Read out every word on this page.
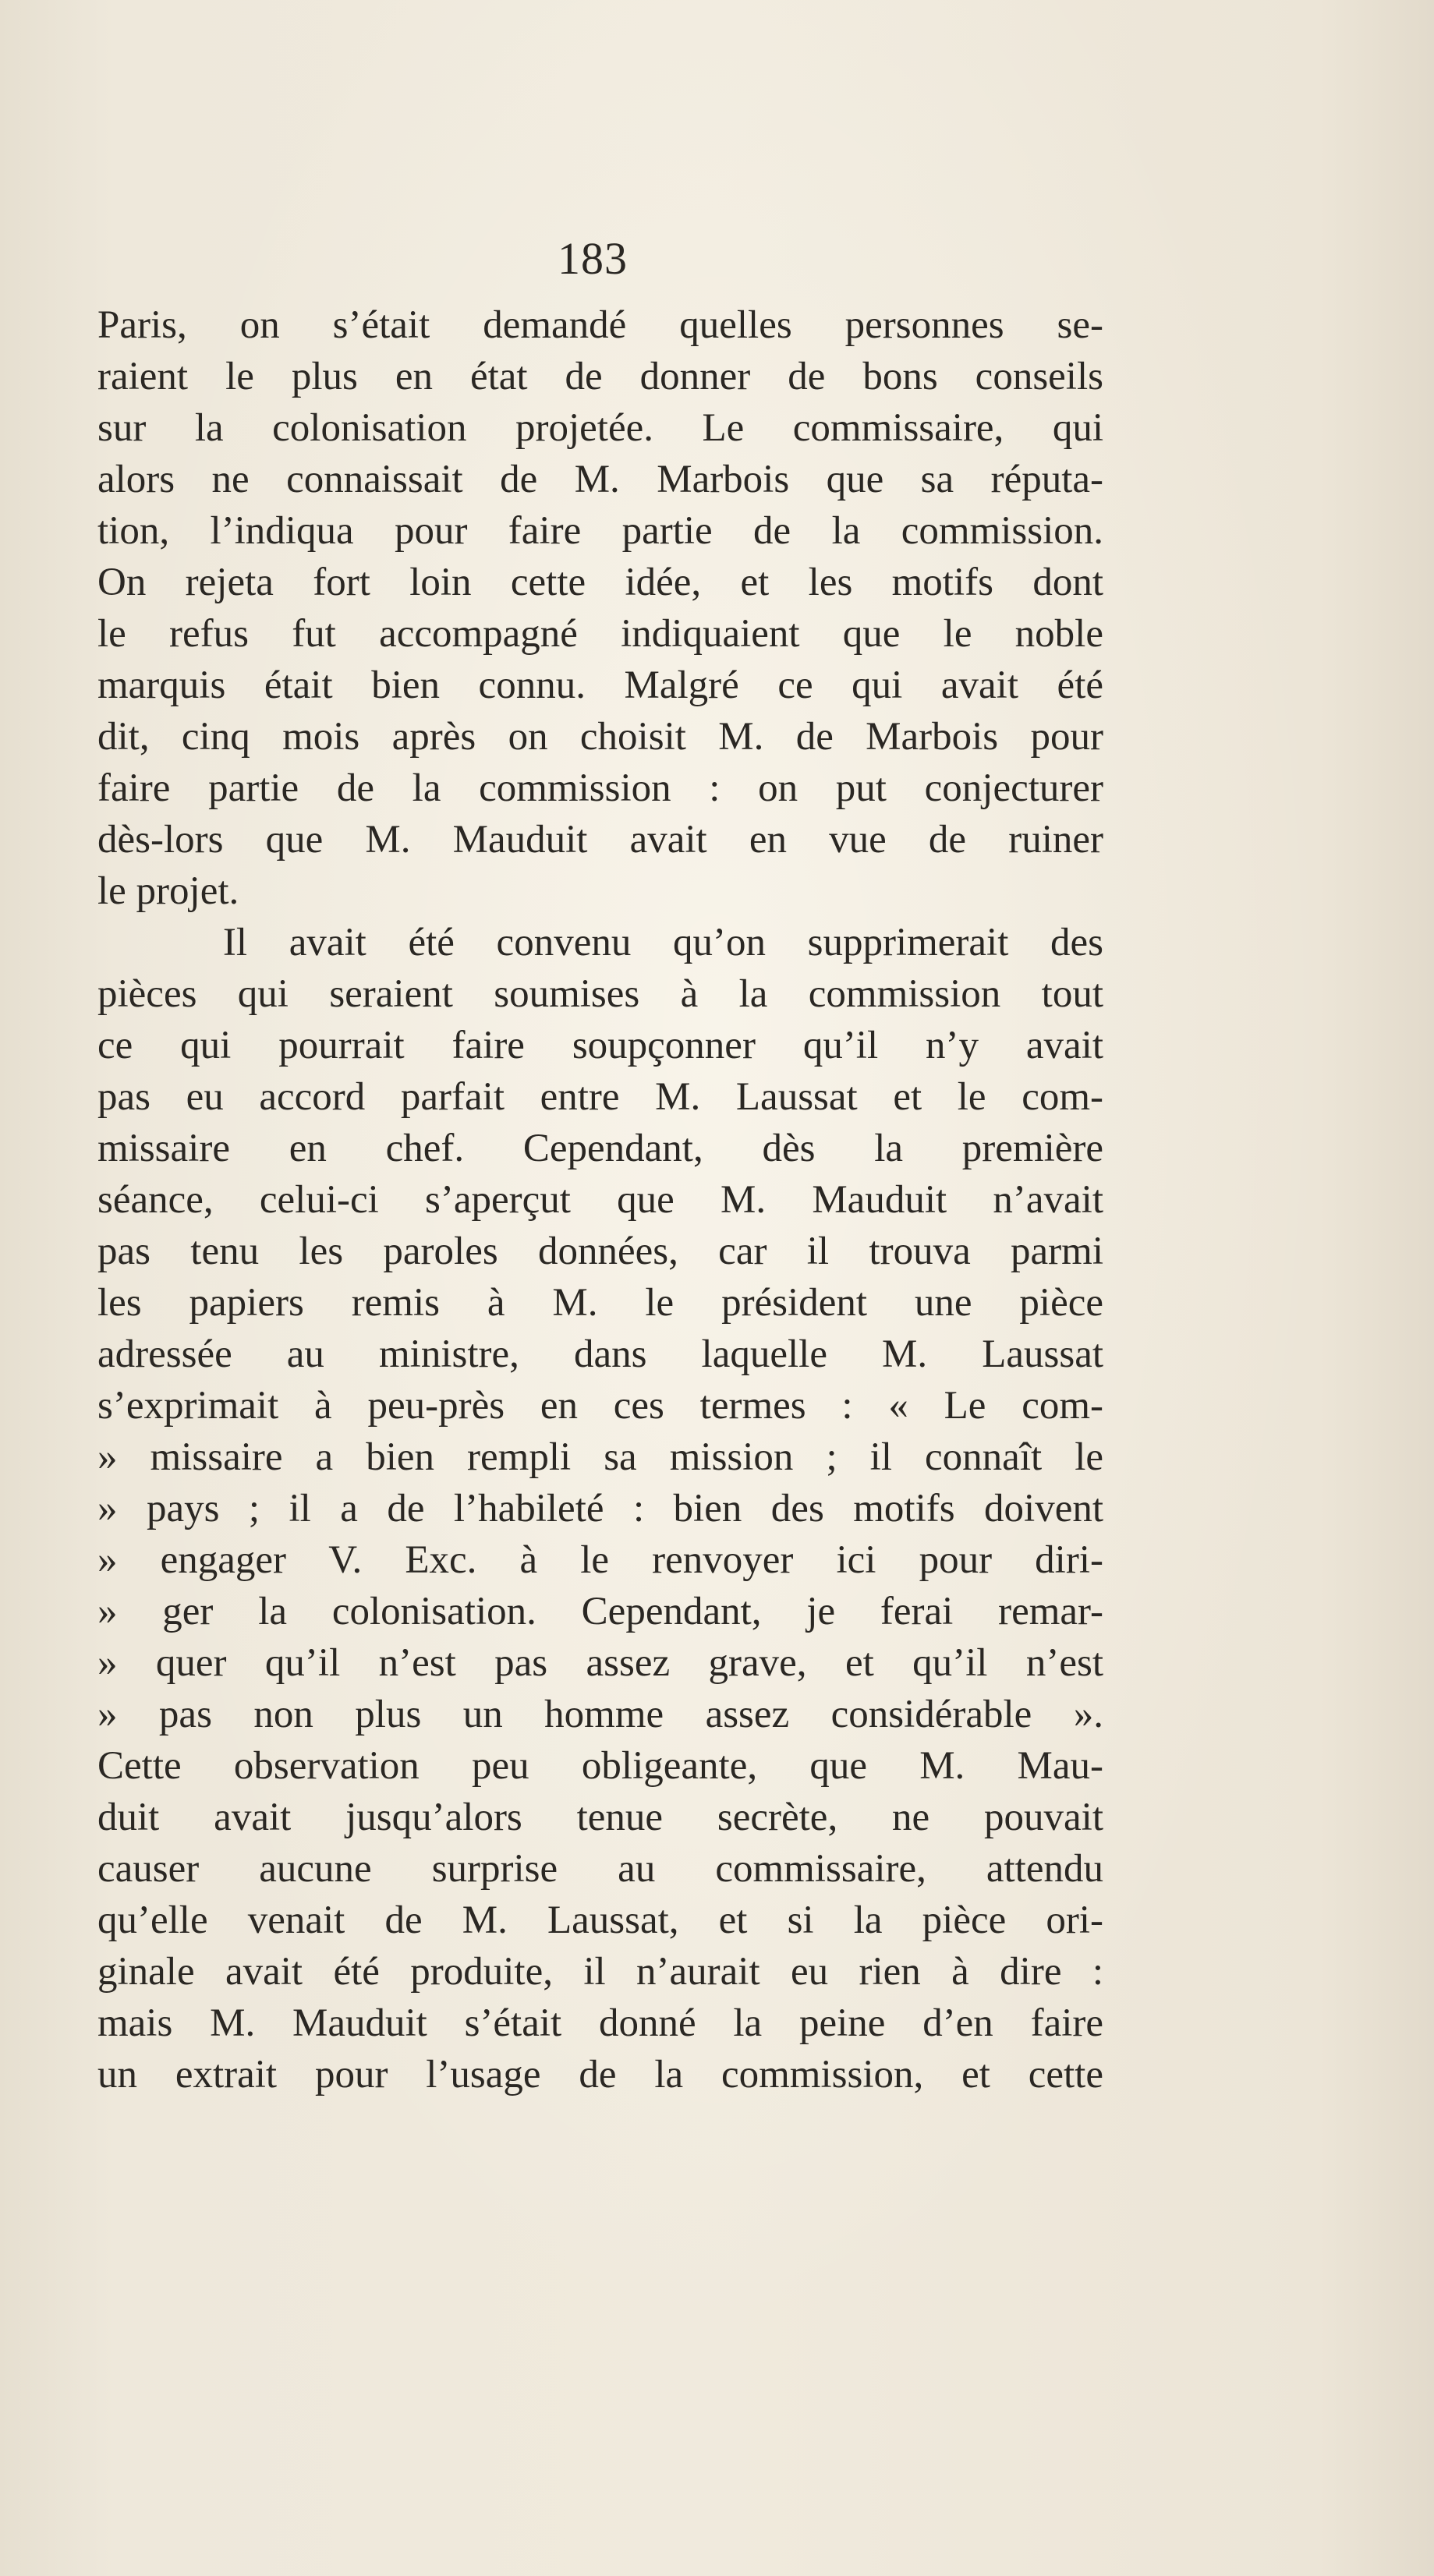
183
Paris, on s’était demandé quelles personnes se-
raient le plus en état de donner de bons conseils
sur la colonisation projetée. Le commissaire, qui
alors ne connaissait de M. Marbois que sa réputa-
tion, l’indiqua pour faire partie de la commission.
On rejeta fort loin cette idée, et les motifs dont
le refus fut accompagné indiquaient que le noble
marquis était bien connu. Malgré ce qui avait été
dit, cinq mois après on choisit M. de Marbois pour
faire partie de la commission : on put conjecturer
dès-lors que M. Mauduit avait en vue de ruiner
le projet.
Il avait été convenu qu’on supprimerait des
pièces qui seraient soumises à la commission tout
ce qui pourrait faire soupçonner qu’il n’y avait
pas eu accord parfait entre M. Laussat et le com-
missaire en chef. Cependant, dès la première
séance, celui-ci s’aperçut que M. Mauduit n’avait
pas tenu les paroles données, car il trouva parmi
les papiers remis à M. le président une pièce
adressée au ministre, dans laquelle M. Laussat
s’exprimait à peu-près en ces termes : « Le com-
» missaire a bien rempli sa mission ; il connaît le
» pays ; il a de l’habileté : bien des motifs doivent
» engager V. Exc. à le renvoyer ici pour diri-
» ger la colonisation. Cependant, je ferai remar-
» quer qu’il n’est pas assez grave, et qu’il n’est
» pas non plus un homme assez considérable ».
Cette observation peu obligeante, que M. Mau-
duit avait jusqu’alors tenue secrète, ne pouvait
causer aucune surprise au commissaire, attendu
qu’elle venait de M. Laussat, et si la pièce ori-
ginale avait été produite, il n’aurait eu rien à dire :
mais M. Mauduit s’était donné la peine d’en faire
un extrait pour l’usage de la commission, et cette
